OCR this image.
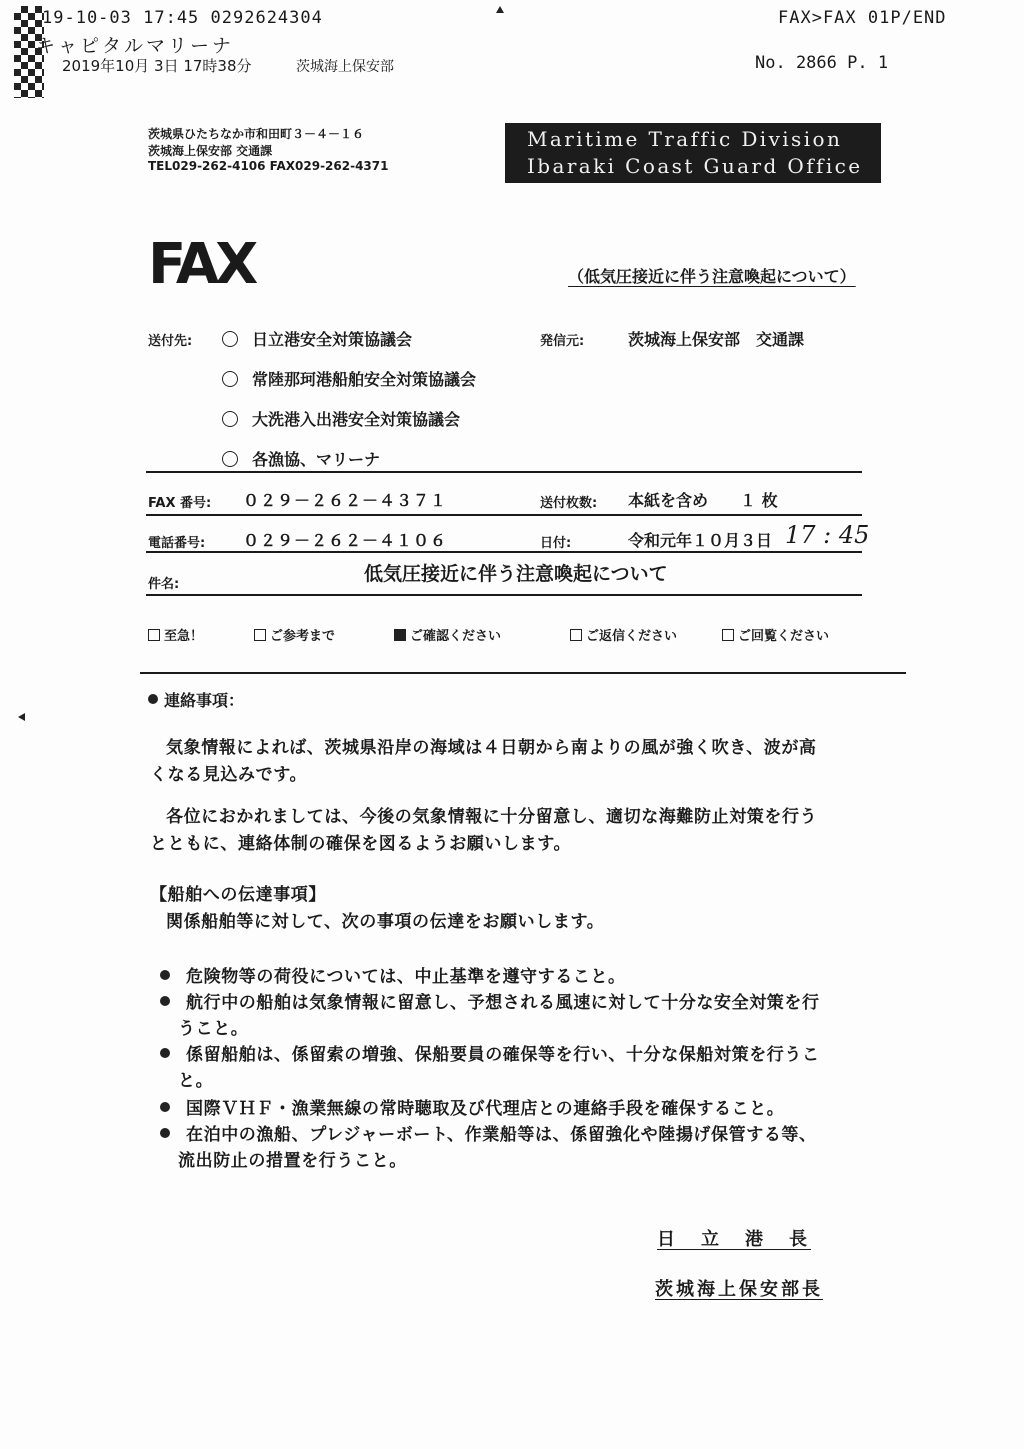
19-10-03 17:45 0292624304	FAX>FAX 01P/END
キャピタルマリーナ
2019年10月 3日 17時38分	茨城海上保安部	No. 2866 P. 1
茨城県ひたちなか市和田町３－４－１６
茨城海上保安部 交通課
TEL029-262-4106 FAX029-262-4371
Maritime Traffic Division
Ibaraki Coast Guard Office
FAX	（低気圧接近に伴う注意喚起について）
送付先:	日立港安全対策協議会
常陸那珂港船舶安全対策協議会
大洗港入出港安全対策協議会
各漁協、マリーナ
発信元:	茨城海上保安部　交通課
FAX 番号: ０２９－２６２－４３７１	送付枚数: 本紙を含め　　１ 枚
電話番号: ０２９－２６２－４１０６	日付:	令和元年１０月３日 17 : 45
件名:	低気圧接近に伴う注意喚起について
至急！	ご参考まで	ご確認ください	ご返信ください	ご回覧ください
連絡事項：
気象情報によれば、茨城県沿岸の海域は４日朝から南よりの風が強く吹き、波が高
くなる見込みです。
各位におかれましては、今後の気象情報に十分留意し、適切な海難防止対策を行う
とともに、連絡体制の確保を図るようお願いします。
【船舶への伝達事項】
関係船舶等に対して、次の事項の伝達をお願いします。
危険物等の荷役については、中止基準を遵守すること。
航行中の船舶は気象情報に留意し、予想される風速に対して十分な安全対策を行
うこと。
係留船舶は、係留索の増強、保船要員の確保等を行い、十分な保船対策を行うこ
と。
国際ＶＨＦ・漁業無線の常時聴取及び代理店との連絡手段を確保すること。
在泊中の漁船、プレジャーボート、作業船等は、係留強化や陸揚げ保管する等、
流出防止の措置を行うこと。
日　立　港　長
茨城海上保安部長
